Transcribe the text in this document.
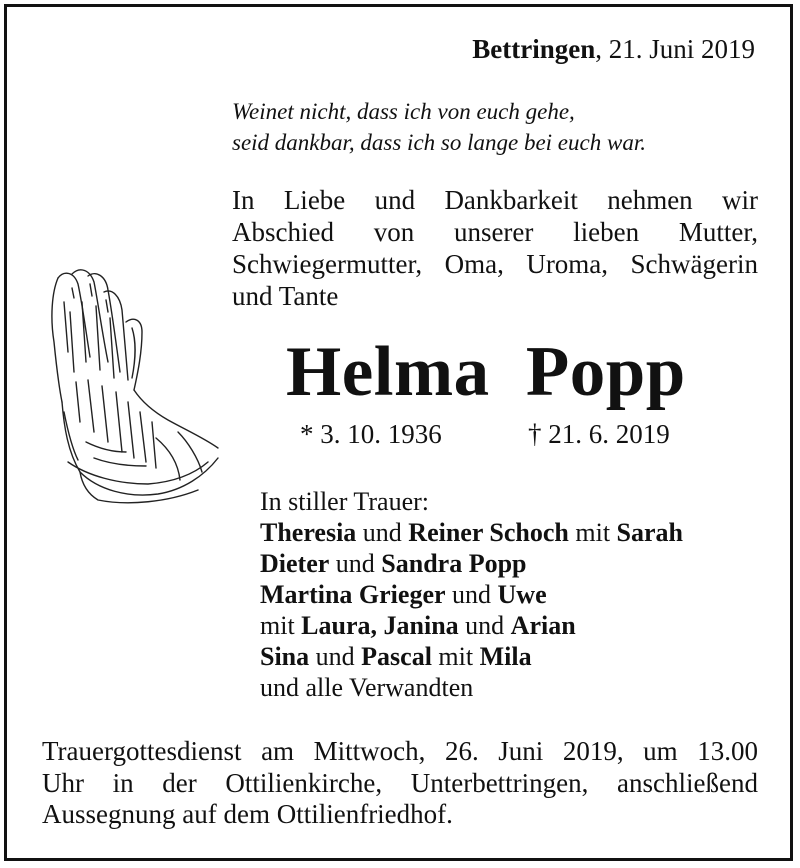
Bettringen, 21. Juni 2019
Weinet nicht, dass ich von euch gehe,
seid dankbar, dass ich so lange bei euch war.
In Liebe und Dankbarkeit nehmen wir
Abschied von unserer lieben Mutter,
Schwiegermutter, Oma, Uroma, Schwägerin
und Tante
Helma Popp
* 3. 10. 1936	† 21. 6. 2019
In stiller Trauer:
Theresia und Reiner Schoch mit Sarah
Dieter und Sandra Popp
Martina Grieger und Uwe
mit Laura, Janina und Arian
Sina und Pascal mit Mila
und alle Verwandten
Trauergottesdienst am Mittwoch, 26. Juni 2019, um 13.00
Uhr in der Ottilienkirche, Unterbettringen, anschließend
Aussegnung auf dem Ottilienfriedhof.
